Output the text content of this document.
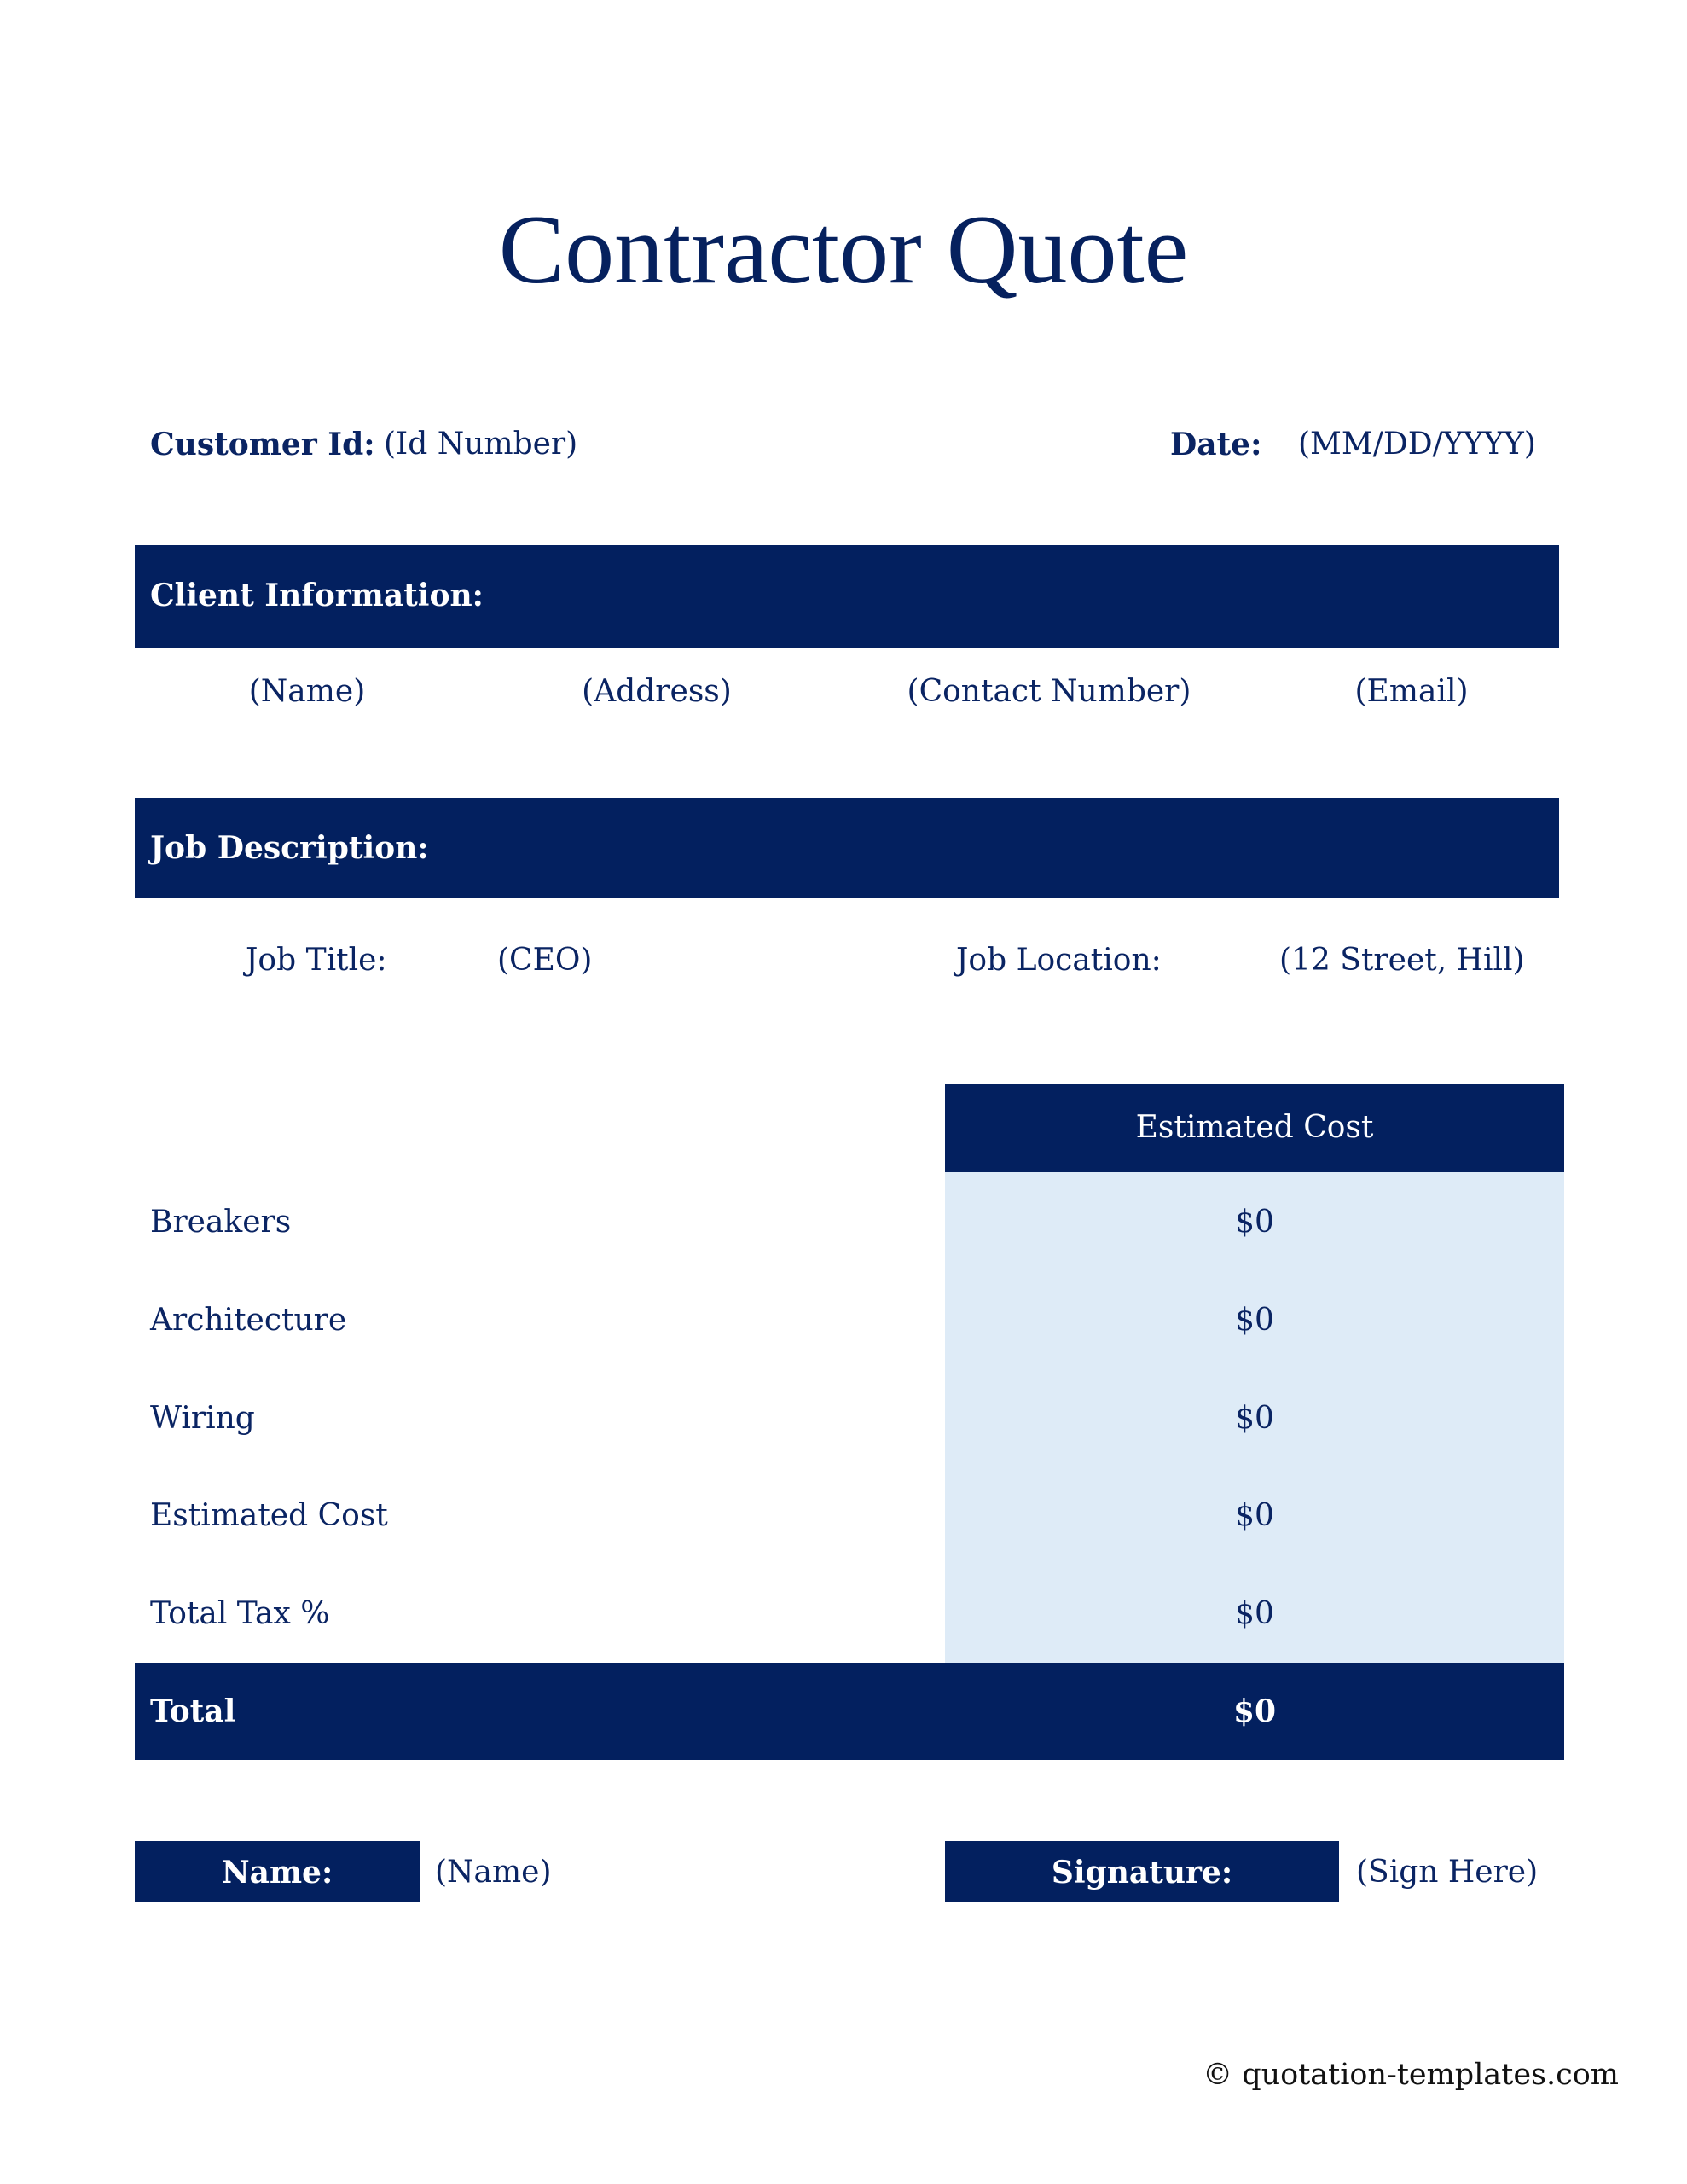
Contractor Quote
Customer Id: (Id Number)	Date: (MM/DD/YYYY)
Client Information:
(Name)	(Address)	(Contact Number)	(Email)
Job Description:
Job Title:	(CEO)	Job Location:	(12 Street, Hill)
Estimated Cost
Breakers	$0
Architecture	$0
Wiring	$0
Estimated Cost	$0
Total Tax %	$0
Total	$0
Name:	(Name)	Signature:	(Sign Here)
© quotation-templates.com
